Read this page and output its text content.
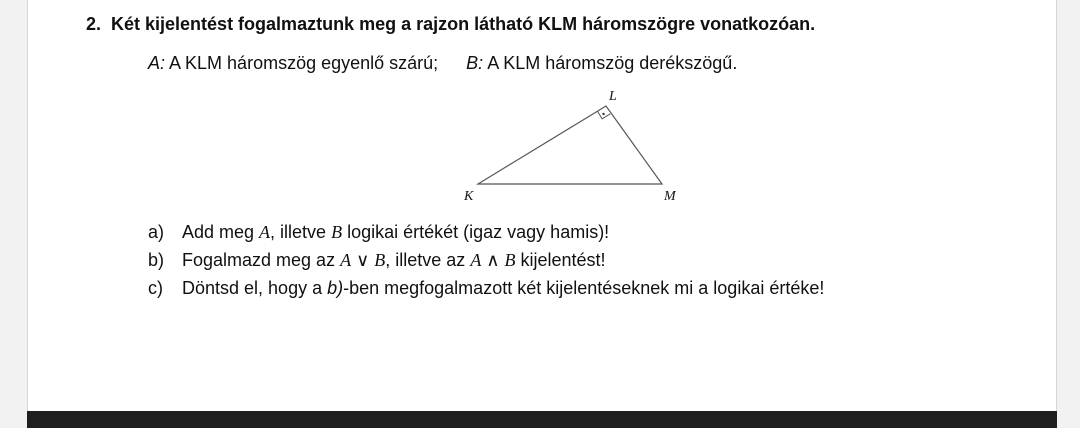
2. Két kijelentést fogalmaztunk meg a rajzon látható KLM háromszögre vonatkozóan.
A: A KLM háromszög egyenlő szárú; B: A KLM háromszög derékszögű.
L
K	M
a) Add meg A, illetve B logikai értékét (igaz vagy hamis)!
b) Fogalmazd meg az A ∨ B, illetve az A ∧ B kijelentést!
c) Döntsd el, hogy a b)-ben megfogalmazott két kijelentéseknek mi a logikai értéke!
